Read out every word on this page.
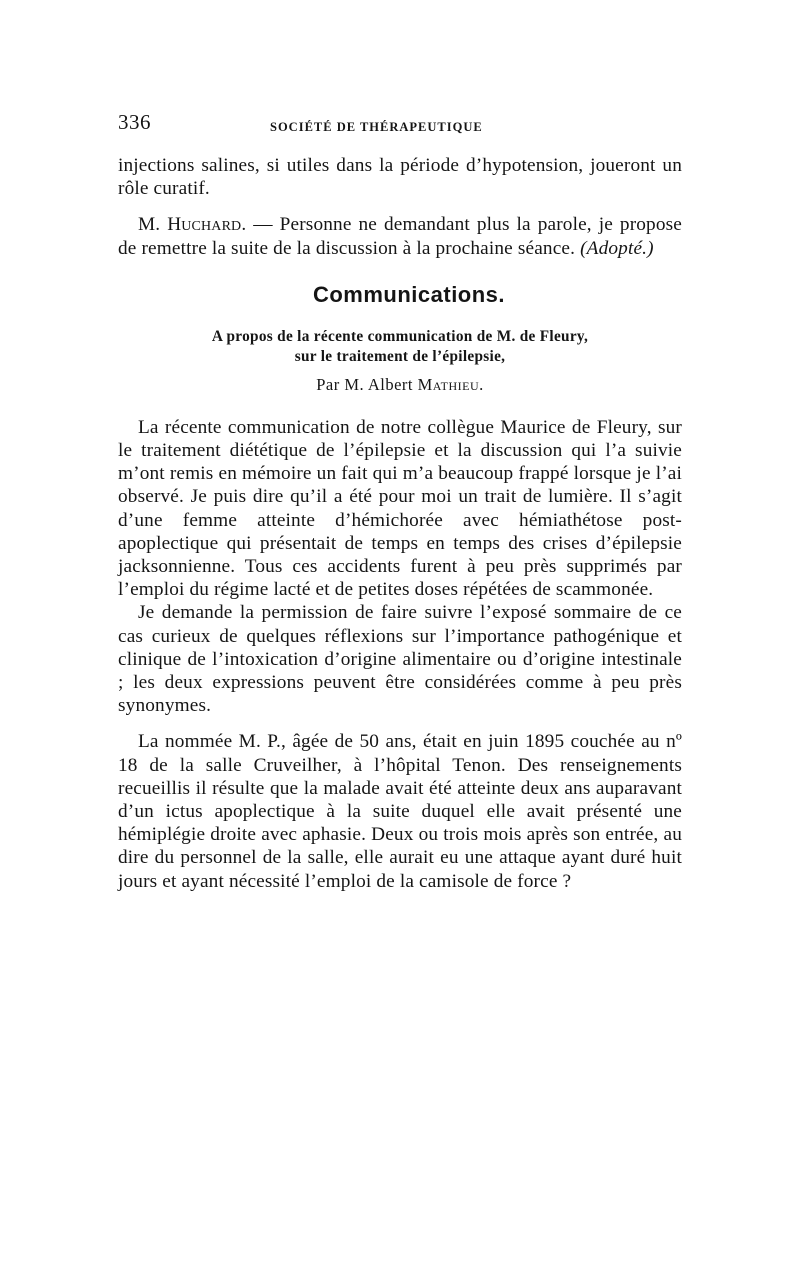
336	SOCIÉTÉ DE THÉRAPEUTIQUE

injections salines, si utiles dans la période d’hypotension, joueront un rôle curatif.

M. Huchard. — Personne ne demandant plus la parole, je propose de remettre la suite de la discussion à la prochaine séance. (Adopté.)

Communications.
A propos de la récente communication de M. de Fleury,
sur le traitement de l’épilepsie,
Par M. Albert Mathieu.

La récente communication de notre collègue Maurice de Fleury, sur le traitement diététique de l’épilepsie et la discussion qui l’a suivie m’ont remis en mémoire un fait qui m’a beaucoup frappé lorsque je l’ai observé. Je puis dire qu’il a été pour moi un trait de lumière. Il s’agit d’une femme atteinte d’hémichorée avec hémiathétose post-apoplectique qui présentait de temps en temps des crises d’épilepsie jacksonnienne. Tous ces accidents furent à peu près supprimés par l’emploi du régime lacté et de petites doses répétées de scammonée.

Je demande la permission de faire suivre l’exposé sommaire de ce cas curieux de quelques réflexions sur l’importance pathogénique et clinique de l’intoxication d’origine alimentaire ou d’origine intestinale ; les deux expressions peuvent être considérées comme à peu près synonymes.

La nommée M. P., âgée de 50 ans, était en juin 1895 couchée au nº 18 de la salle Cruveilher, à l’hôpital Tenon. Des renseignements recueillis il résulte que la malade avait été atteinte deux ans auparavant d’un ictus apoplectique à la suite duquel elle avait présenté une hémiplégie droite avec aphasie. Deux ou trois mois après son entrée, au dire du personnel de la salle, elle aurait eu une attaque ayant duré huit jours et ayant nécessité l’emploi de la camisole de force ?
